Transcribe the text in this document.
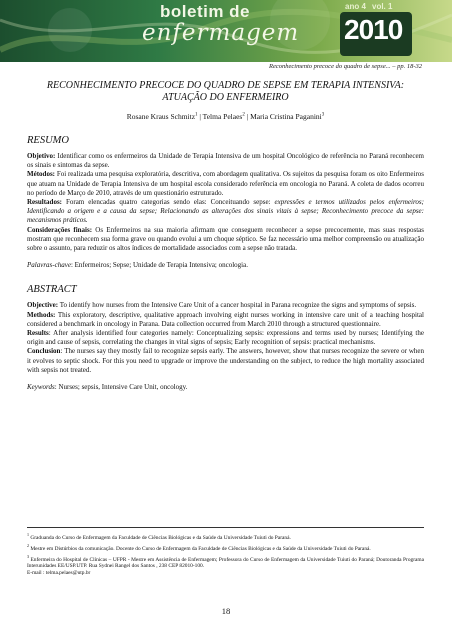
boletim de
enfermagem
ano 4 vol. 1
2010
Reconhecimento precoce do quadro de sepse... – pp. 18-32

RECONHECIMENTO PRECOCE DO QUADRO DE SEPSE EM TERAPIA INTENSIVA:
ATUAÇÃO DO ENFERMEIRO

Rosane Kraus Schmitz$^1$ | Telma Pelaes$^2$ | Maria Cristina Paganini$^3$
RESUMO

Objetivo: Identificar como os enfermeiros da Unidade de Terapia Intensiva de um hospital Oncológico de referência no Paraná reconhecem os sinais e sintomas da sepse.

Métodos: Foi realizada uma pesquisa exploratória, descritiva, com abordagem qualitativa. Os sujeitos da pesquisa foram os oito Enfermeiros que atuam na Unidade de Terapia Intensiva de um hospital escola considerado referência em oncologia no Paraná. A coleta de dados ocorreu no período de Março de 2010, através de um questionário estruturado.

Resultados: Foram elencadas quatro categorias sendo elas: Conceituando sepse: expressões e termos utilizados pelos enfermeiros; Identificando a origem e a causa da sepse; Relacionando as alterações dos sinais vitais à sepse; Reconhecimento precoce da sepse: mecanismos práticos.

Considerações finais: Os Enfermeiros na sua maioria afirmam que conseguem reconhecer a sepse precocemente, mas suas respostas mostram que reconhecem sua forma grave ou quando evolui a um choque séptico. Se faz necessário uma melhor compreensão ou atualização sobre o assunto, para reduzir os altos índices de mortalidade associados com a sepse não tratada.

Palavras-chave: Enfermeiros; Sepse; Unidade de Terapia Intensiva; oncologia.

ABSTRACT

Objective: To identify how nurses from the Intensive Care Unit of a cancer hospital in Parana recognize the signs and symptoms of sepsis.

Methods: This exploratory, descriptive, qualitative approach involving eight nurses working in intensive care unit of a teaching hospital considered a benchmark in oncology in Parana. Data collection occurred from March 2010 through a structured questionnaire.

Results: After analysis identified four categories namely: Conceptualizing sepsis: expressions and terms used by nurses; Identifying the origin and cause of sepsis, correlating the changes in vital signs of sepsis; Early recognition of sepsis: practical mechanisms.

Conclusion: The nurses say they mostly fail to recognize sepsis early. The answers, however, show that nurses recognize the severe or when it evolves to septic shock. For this you need to upgrade or improve the understanding on the subject, to reduce the high mortality associated with sepsis not treated.

Keywords: Nurses; sepsis, Intensive Care Unit, oncology.

$^1$ Graduanda do Curso de Enfermagem da Faculdade de Ciências Biológicas e da Saúde da Universidade Tuiuti do Paraná.

$^2$ Mestre em Distúrbios da comunicação. Docente do Curso de Enfermagem da Faculdade de Ciências Biológicas e da Saúde da Universidade Tuiuti do Paraná.

$^3$ Enfermeira do Hospital de Clínicas – UFPR - Mestre em Assistência de Enfermagem; Professora do Curso de Enfermagem da Universidade Tuiuti do Paraná; Doutoranda Programa Interunidades EE/USP.UTP. Rua Sydnei Rangel dos Santos , 238 CEP 82010-100.

E-mail : telma.pelaes@utp.br

18
